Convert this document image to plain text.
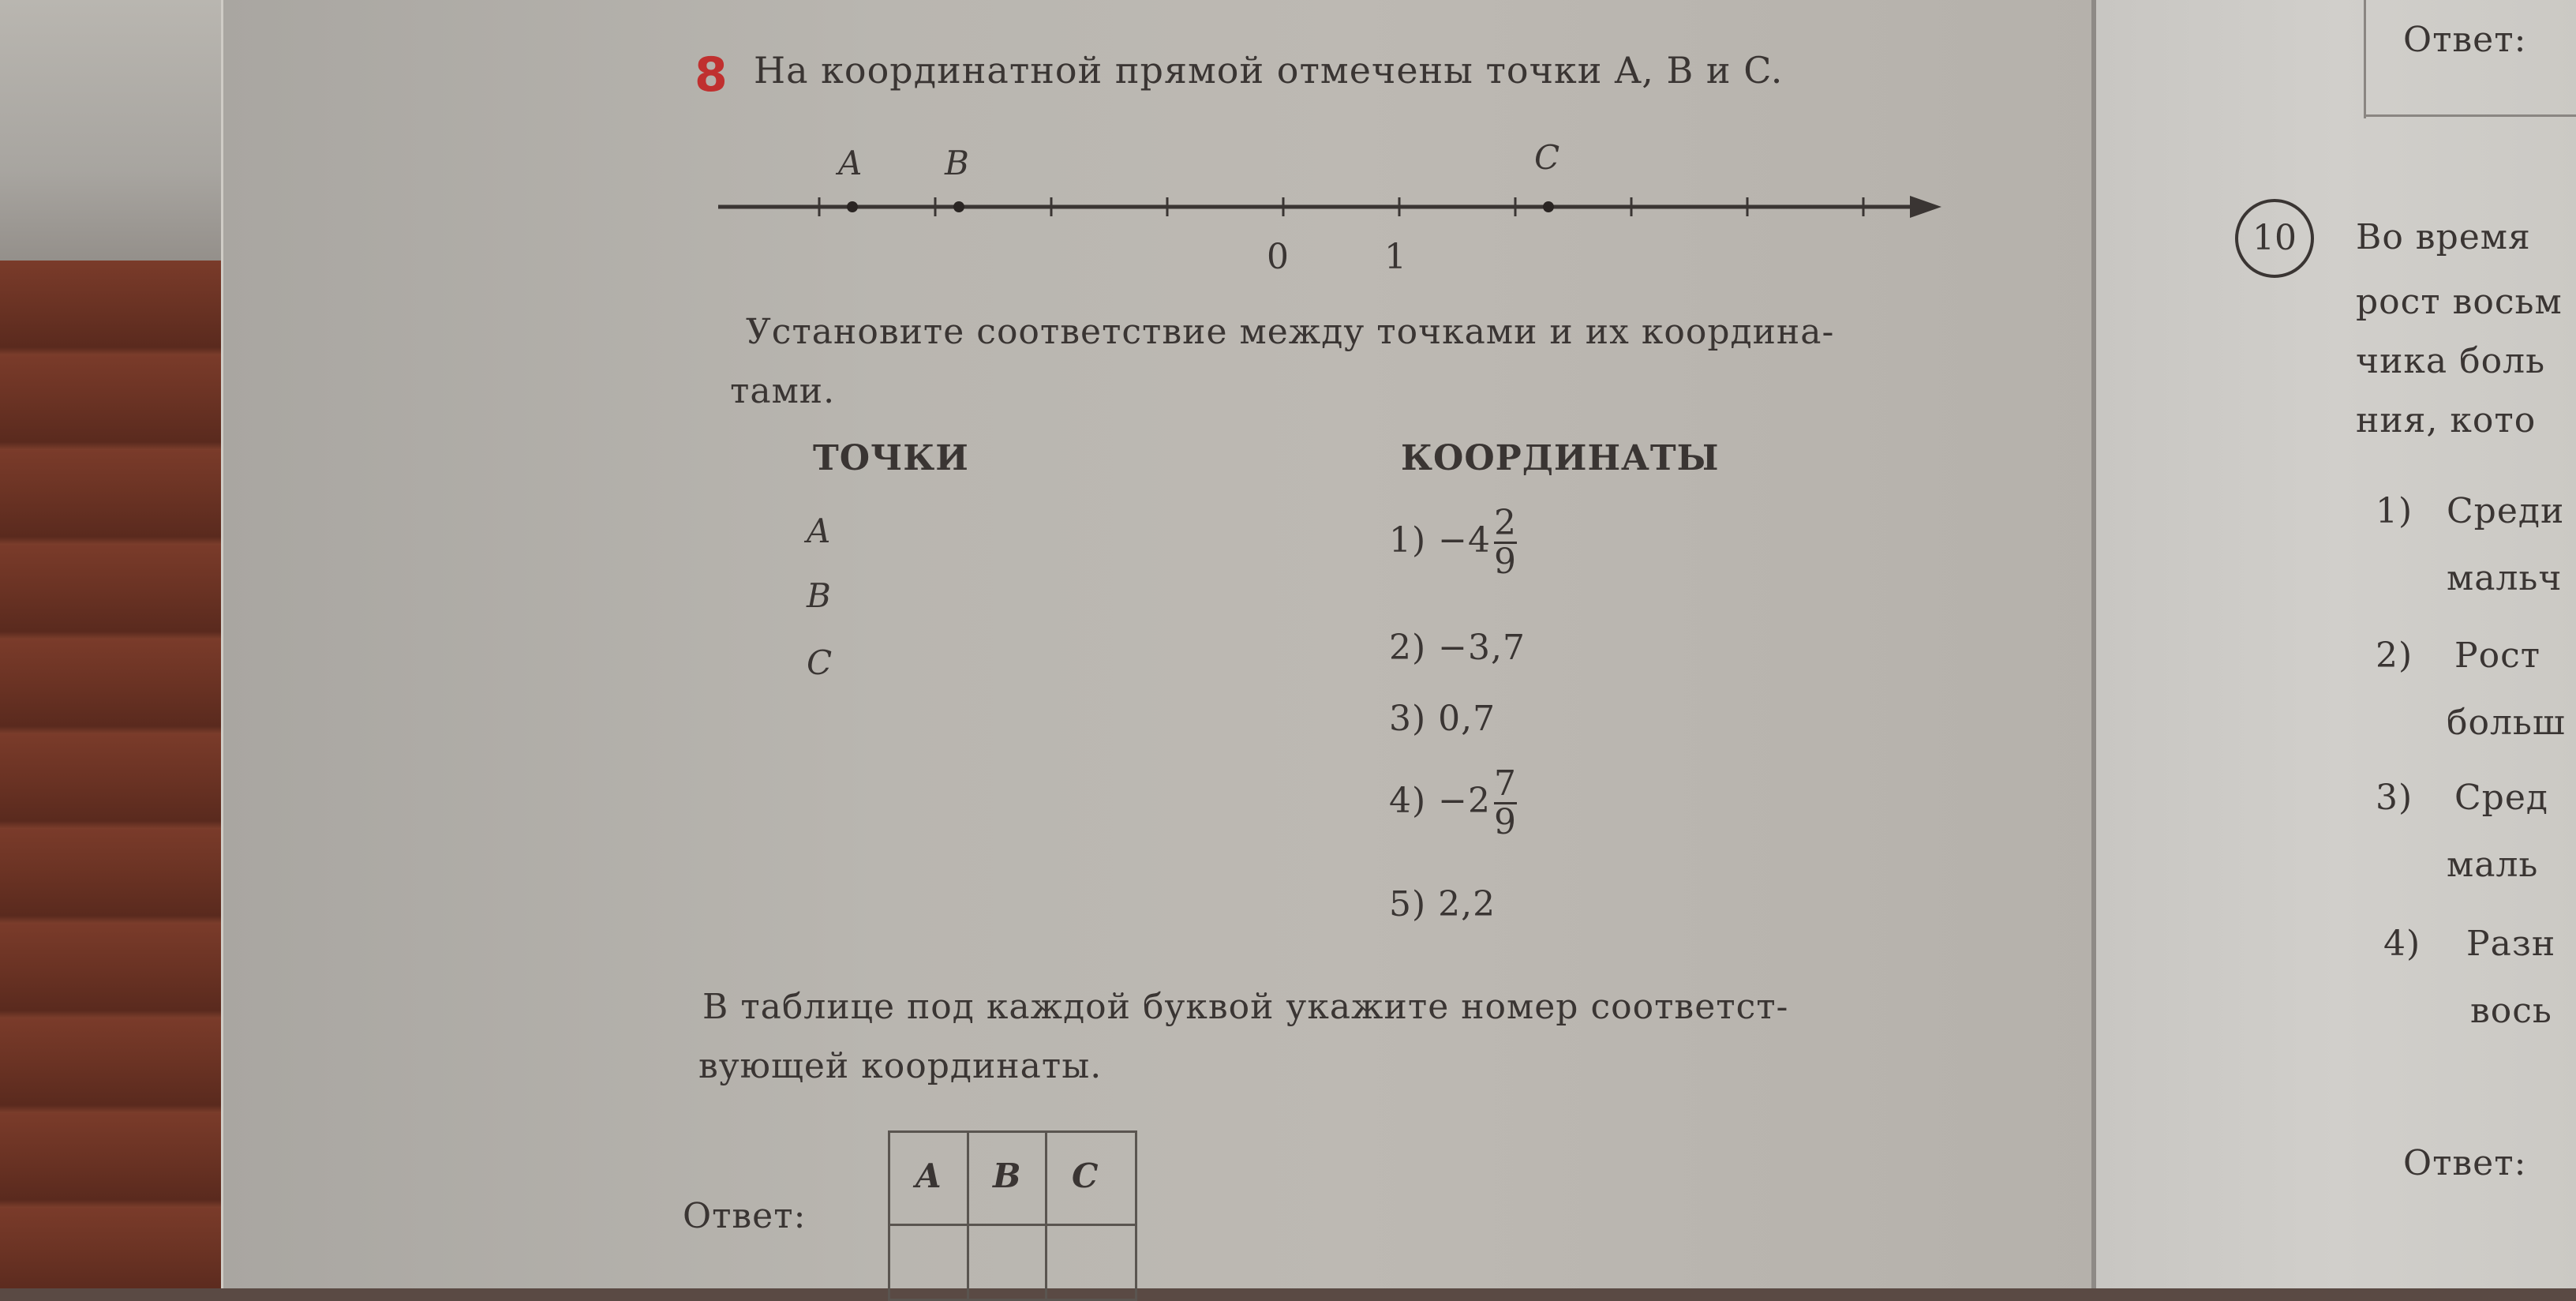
8 На координатной прямой отмечены точки A, B и C.
A B	C
0	1
Установите соответствие между точками и их координа-
тами.
ТОЧКИ	КООРДИНАТЫ
A
B
C
$1) -4 \frac{2}{9}$
2) −3,7
3) 0,7
$4) -2 \frac{7}{9}$
5) 2,2
В таблице под каждой буквой укажите номер соответст-
вующей координаты.
Ответ:
A B C
Ответ:
10	Во время
рост восьм
чика боль
ния, кото
1) Среди
мальч
2) Рост
больш
3) Сред
маль
4) Разн
вось
Ответ:
